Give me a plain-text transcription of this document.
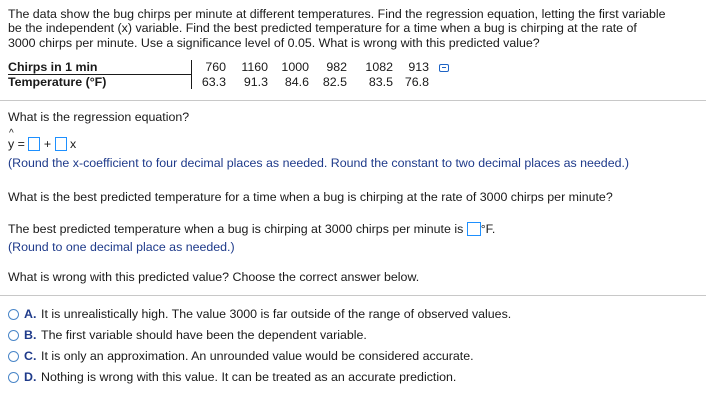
The data show the bug chirps per minute at different temperatures. Find the regression equation, letting the first variable
be the independent (x) variable. Find the best predicted temperature for a time when a bug is chirping at the rate of
3000 chirps per minute. Use a significance level of 0.05. What is wrong with this predicted value?
Chirps in 1 min		760	1160	1000	982	1082	913	
Temperature (°F)		63.3	91.3	84.6	82.5	83.5	76.8	
What is the regression equation?
^
y = + x
(Round the x-coefficient to four decimal places as needed. Round the constant to two decimal places as needed.)
What is the best predicted temperature for a time when a bug is chirping at the rate of 3000 chirps per minute?
The best predicted temperature when a bug is chirping at 3000 chirps per minute is °F.
(Round to one decimal place as needed.)
What is wrong with this predicted value? Choose the correct answer below.
A. It is unrealistically high. The value 3000 is far outside of the range of observed values.
B. The first variable should have been the dependent variable.
C. It is only an approximation. An unrounded value would be considered accurate.
D. Nothing is wrong with this value. It can be treated as an accurate prediction.
